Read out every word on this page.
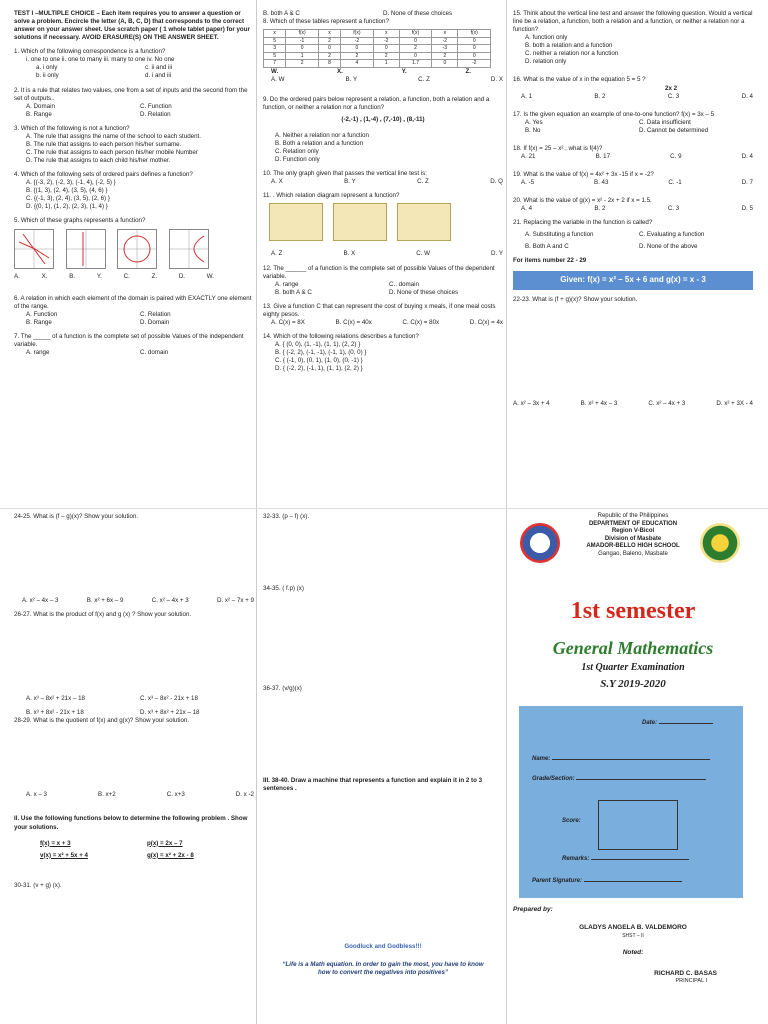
TEST I –MULTIPLE CHOICE – Each item requires you to answer a question or solve a problem. Encircle the letter (A, B, C, D) that corresponds to the correct answer on your answer sheet. Use scratch paper ( 1 whole tablet paper) for your solutions if necessary. AVOID ERASURE(S) ON THE ANSWER SHEET.

1. Which of the following correspondence is a function?

i. one to one ii. one to many iii. many to one iv. No one

a. i only	c. ii and iii
b. ii only	d. i and iii

2. It is a rule that relates two values, one from a set of inputs and the second from the set of outputs..

A. Domain	C. Function
B. Range	D. Relation

3. Which of the following is not a function?

A. The rule that assigns the name of the school to each student.

B. The rule that assigns to each person his/her surname.

C. The rule that assigns to each person his/her mobile Number

D. The rule that assigns to each child his/her mother.

4. Which of the following sets of ordered pairs defines a function?

A. {(-3, 2), (-2, 3), (-1, 4), (-2, 5) }

B. {(1, 3), (2, 4), (3, 5), (4, 6) }

C. {(-1, 3), (2, 4), (3, 5), (2, 6) }

D. {(0, 1), (1, 2), (2, 3), (1, 4) }

5. Which of these graphs represents a function?

A.	X.	B.	Y.	C.	Z.	D.	W.

6. A relation in which each element of the domain is paired with EXACTLY one element of the range.

A. Function	C. Relation
B. Range	D. Domain

7. The _____ of a function is the complete set of possible Values of the independent variable.

A. range	C. domain
B. both A & C	D. None of these choices

8. Which of these tables represent a function?

x	f(x)	x	f(x)	x	f(x)	x	f(x)
5	-1	2	-2	-2	0	-2	0
3	0	0	0	0	2	-3	0
5	1	2	2	2	0	2	0
7	2	8	4	1	1.7	0	-2
W.	X.	Y.	Z.
A. W	B. Y	C. Z	D. X

9. Do the ordered pairs below represent a relation, a function, both a relation and a function, or neither a relation nor a function?

(-2,-1) , (1,-4) , (7,-10) , (8,-11)

A. Neither a relation nor a function

B. Both a relation and a function

C. Relation only

D. Function only

10. The only graph given that passes the vertical line test is:

A. X	B. Y	C. Z	D. Q

11. . Which relation diagram represent a function?

A. Z	B. X	C. W	D. Y

12. The ______ of a function is the complete set of possible Values of the dependent variable.

A. range	C.. domain
B. both A & C	D. None of these choices

13. Give a function C that can represent the cost of buying x meals, if one meal costs eighty pesos.

A. C(x) = 8X	B. C(x) = 40x	C. C(x) = 80x	D. C(x) = 4x

14. Which of the following relations describes a function?

A. { (0, 0), (1, -1), (1, 1), (2, 2) }

B. { (-2, 2), (-1, -1), (-1, 1), (0, 0) }

C. { (-1, 0), (0, 1), (1, 0), (0, -1) }

D. { (-2, 2), (-1, 1), (1, 1), (2, 2) }

15. Think about the vertical line test and answer the following question. Would a vertical line be a relation, a function, both a relation and a function, or neither a relation nor a function?

A. function only

B. both a relation and a function

C. neither a relation nor a function

D. relation only

16. What is the value of x in the equation 5 = 5 ?

2x 2

A. 1	B. 2	C. 3	D. 4

17. Is the given equation an example of one-to-one function? f(x) = 3x – 5

A. Yes	C. Data insufficient
B. No	D. Cannot be determined

18. If f(x) = 25 – x² , what is f(4)?

A. 21	B. 17	C. 9	D. 4

19. What is the value of f(x) = 4x² + 3x -15 if x = -2?

A. -5	B. 43	C. -1	D. 7

20. What is the value of g(x) = x² - 2x + 2 if x = 1.5.

A. 4	B. 2	C. 3	D. 5

21. Replacing the variable in the function is called?

A. Substituting a function	C. Evaluating a function
B. Both A and C	D. None of the above

For items number 22 - 29

Given: f(x) = x² – 5x + 6 and g(x) = x - 3

22-23. What is (f + g)(x)? Show your solution.

A. x² – 3x + 4	B. x² + 4x – 3	C. x² – 4x + 3	D. x² + 3X - 4

24-25. What is (f – g)(x)? Show your solution.

A. x² – 4x – 3	B. x² + 6x – 9	C. x² – 4x + 3	D. x² – 7x + 9

26-27. What is the product of f(x) and g (x) ? Show your solution.

A. x³ – 8x² + 21x – 18	C. x³ – 8x² - 21x + 18
B. x³ + 8x² - 21x + 18	D. x³ + 8x² + 21x – 18

28-29. What is the quotient of f(x) and g(x)? Show your solution.

A. x – 3	B. x+2	C. x+3	D. x -2

II. Use the following functions below to determine the following problem . Show your solutions.

f(x) = x + 3	p(x) = 2x – 7
v(x) = x² + 5x + 4	g(x) = x² + 2x - 8

30-31. (v + g) (x).

32-33. (p – f) (x).

34-35. ( f.p) (x)

36-37. (v/g)(x)

III. 38-40. Draw a machine that represents a function and explain it in 2 to 3 sentences .

Goodluck and Godbless!!!

“Life is a Math equation. In order to gain the most, you have to know how to convert the negatives into positives”

Republic of the Philippines

DEPARTMENT OF EDUCATION

Region V-Bicol

Division of Masbate

AMADOR-BELLO HIGH SCHOOL

Gangao, Baleno, Masbate

1st semester
General Mathematics
1st Quarter Examination
S.Y 2019-2020
Date:
Name:
Grade/Section:
Score:
Remarks:
Parent Signature:

Prepared by:

GLADYS ANGELA B. VALDEMORO

SHST – II

Noted:

RICHARD C. BASAS

PRINCIPAL I
